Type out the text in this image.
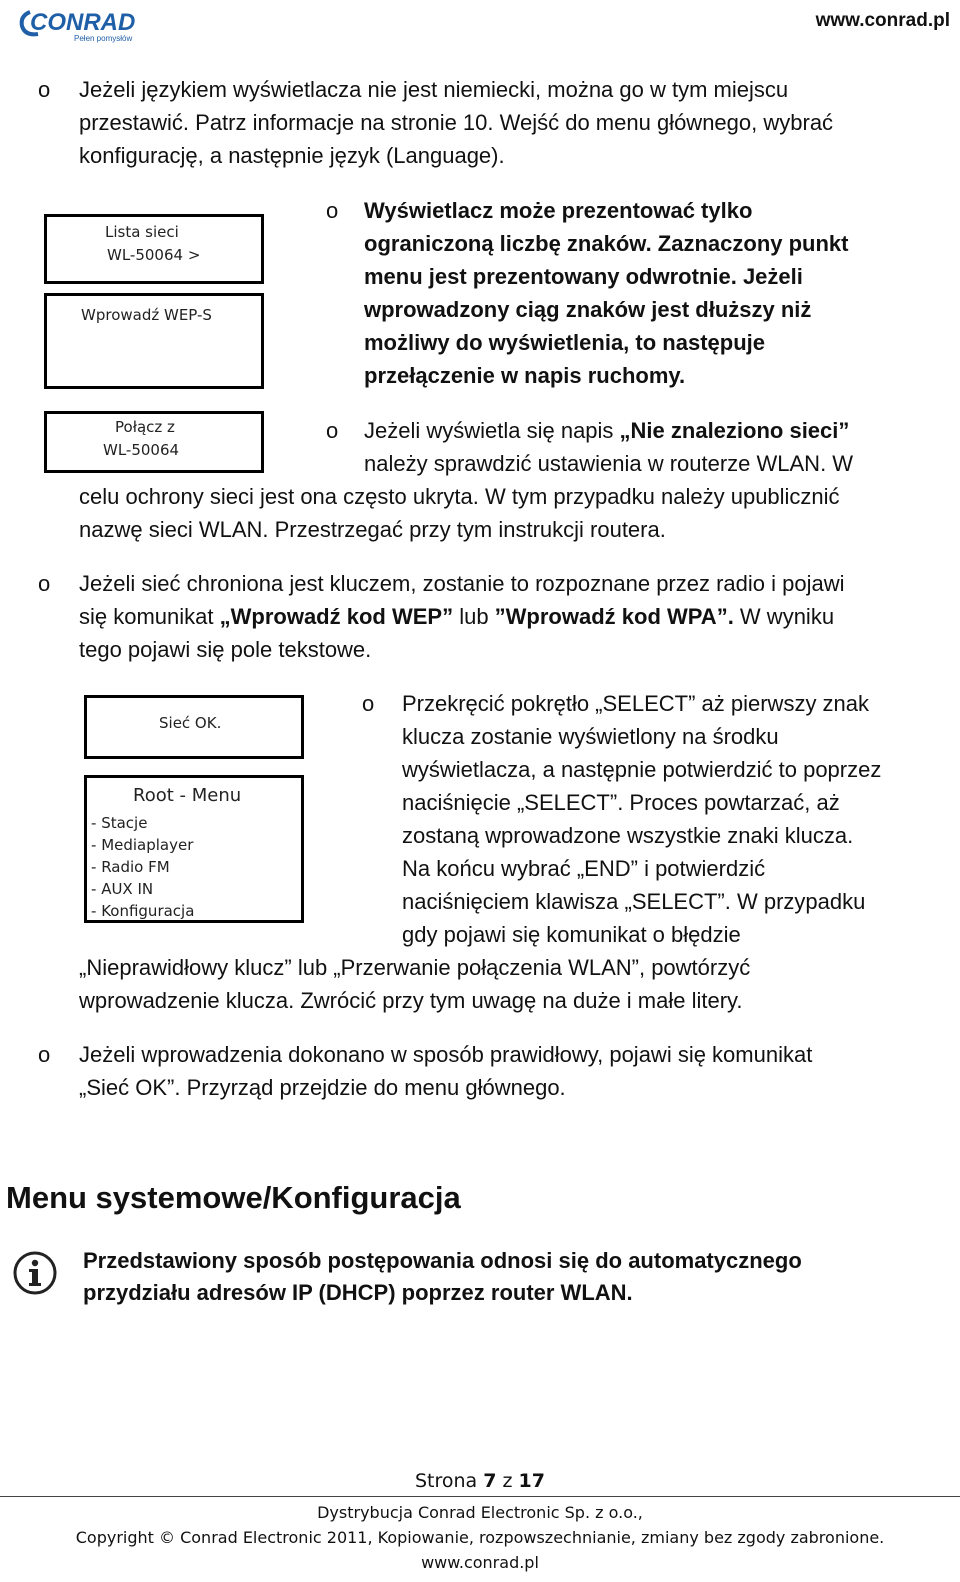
CONRAD
Pełen pomysłów
www.conrad.pl
o Jeżeli językiem wyświetlacza nie jest niemiecki, można go w tym miejscu
przestawić. Patrz informacje na stronie 10. Wejść do menu głównego, wybrać
konfigurację, a następnie język (Language).
Lista sieci
WL-50064 >
Wprowadź WEP-S
Połącz z
WL-50064
o Wyświetlacz może prezentować tylko
ograniczoną liczbę znaków. Zaznaczony punkt
menu jest prezentowany odwrotnie. Jeżeli
wprowadzony ciąg znaków jest dłuższy niż
możliwy do wyświetlenia, to następuje
przełączenie w napis ruchomy.
o Jeżeli wyświetla się napis „Nie znaleziono sieci”
należy sprawdzić ustawienia w routerze WLAN. W
celu ochrony sieci jest ona często ukryta. W tym przypadku należy upublicznić
nazwę sieci WLAN. Przestrzegać przy tym instrukcji routera.
o Jeżeli sieć chroniona jest kluczem, zostanie to rozpoznane przez radio i pojawi
się komunikat „Wprowadź kod WEP” lub ”Wprowadź kod WPA”. W wyniku
tego pojawi się pole tekstowe.
Sieć OK.
Root - Menu
- Stacje
- Mediaplayer
- Radio FM
- AUX IN
- Konfiguracja
o Przekręcić pokrętło „SELECT” aż pierwszy znak
klucza zostanie wyświetlony na środku
wyświetlacza, a następnie potwierdzić to poprzez
naciśnięcie „SELECT”. Proces powtarzać, aż
zostaną wprowadzone wszystkie znaki klucza.
Na końcu wybrać „END” i potwierdzić
naciśnięciem klawisza „SELECT”. W przypadku
gdy pojawi się komunikat o błędzie
„Nieprawidłowy klucz” lub „Przerwanie połączenia WLAN”, powtórzyć
wprowadzenie klucza. Zwrócić przy tym uwagę na duże i małe litery.
o Jeżeli wprowadzenia dokonano w sposób prawidłowy, pojawi się komunikat
„Sieć OK”. Przyrząd przejdzie do menu głównego.
Menu systemowe/Konfiguracja
Przedstawiony sposób postępowania odnosi się do automatycznego
przydziału adresów IP (DHCP) poprzez router WLAN.
Strona 7 z 17
Dystrybucja Conrad Electronic Sp. z o.o.,
Copyright © Conrad Electronic 2011, Kopiowanie, rozpowszechnianie, zmiany bez zgody zabronione.
www.conrad.pl
